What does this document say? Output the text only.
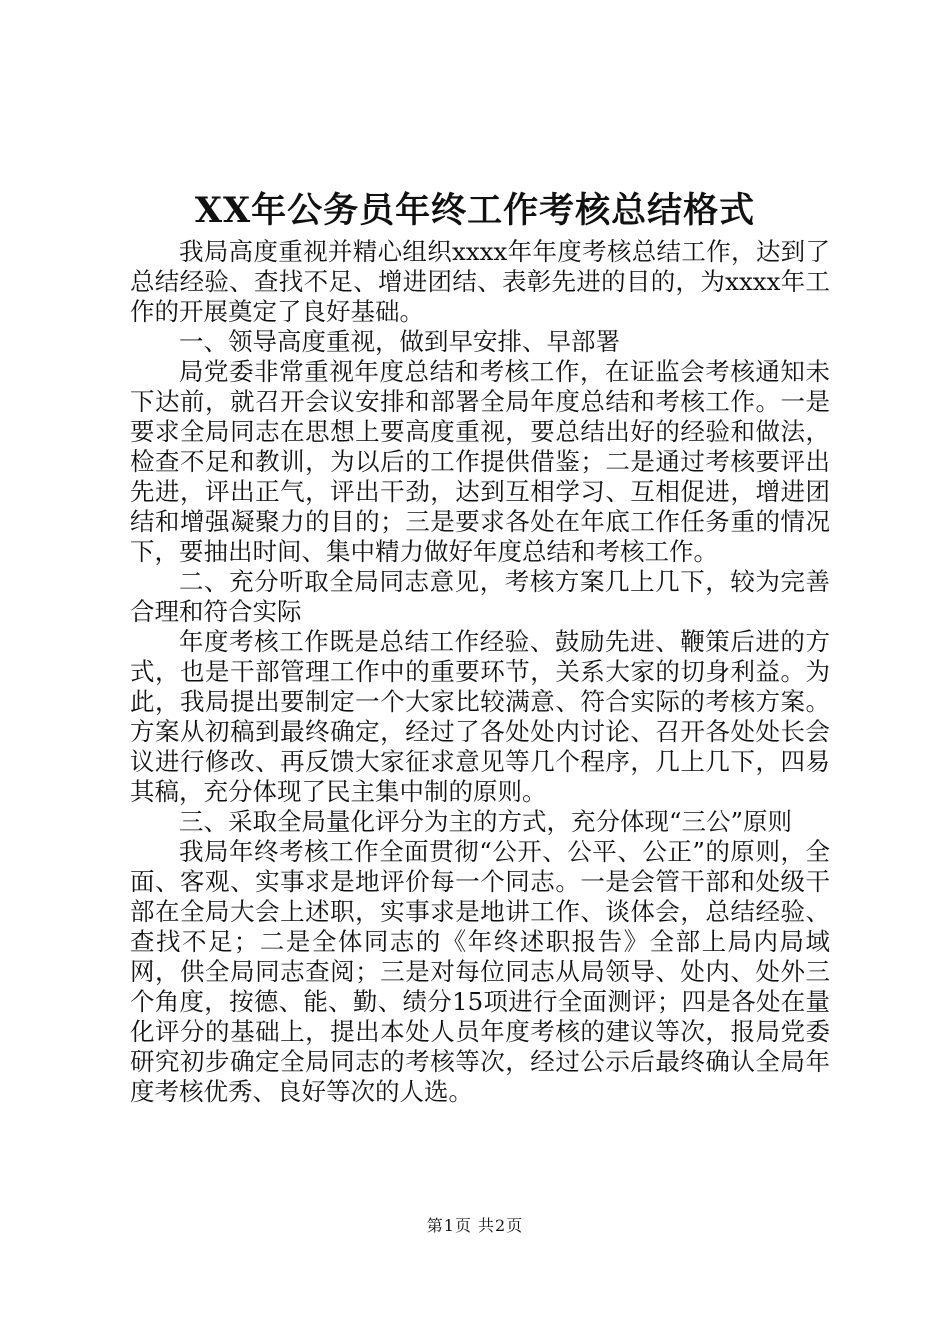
XX年公务员年终工作考核总结格式

我局高度重视并精心组织xxxx年年度考核总结工作，达到了总结经验、查找不足、增进团结、表彰先进的目的，为xxxx年工作的开展奠定了良好基础。

一、领导高度重视，做到早安排、早部署

局党委非常重视年度总结和考核工作，在证监会考核通知未下达前，就召开会议安排和部署全局年度总结和考核工作。一是要求全局同志在思想上要高度重视，要总结出好的经验和做法，检查不足和教训，为以后的工作提供借鉴；二是通过考核要评出先进，评出正气，评出干劲，达到互相学习、互相促进，增进团结和增强凝聚力的目的；三是要求各处在年底工作任务重的情况下，要抽出时间、集中精力做好年度总结和考核工作。

二、充分听取全局同志意见，考核方案几上几下，较为完善合理和符合实际

年度考核工作既是总结工作经验、鼓励先进、鞭策后进的方式，也是干部管理工作中的重要环节，关系大家的切身利益。为此，我局提出要制定一个大家比较满意、符合实际的考核方案。方案从初稿到最终确定，经过了各处处内讨论、召开各处处长会议进行修改、再反馈大家征求意见等几个程序，几上几下，四易其稿，充分体现了民主集中制的原则。

三、采取全局量化评分为主的方式，充分体现“三公”原则

我局年终考核工作全面贯彻“公开、公平、公正”的原则，全面、客观、实事求是地评价每一个同志。一是会管干部和处级干部在全局大会上述职，实事求是地讲工作、谈体会，总结经验、查找不足；二是全体同志的《年终述职报告》全部上局内局域网，供全局同志查阅；三是对每位同志从局领导、处内、处外三个角度，按德、能、勤、绩分15项进行全面测评；四是各处在量化评分的基础上，提出本处人员年度考核的建议等次，报局党委研究初步确定全局同志的考核等次，经过公示后最终确认全局年度考核优秀、良好等次的人选。

第1页 共2页
